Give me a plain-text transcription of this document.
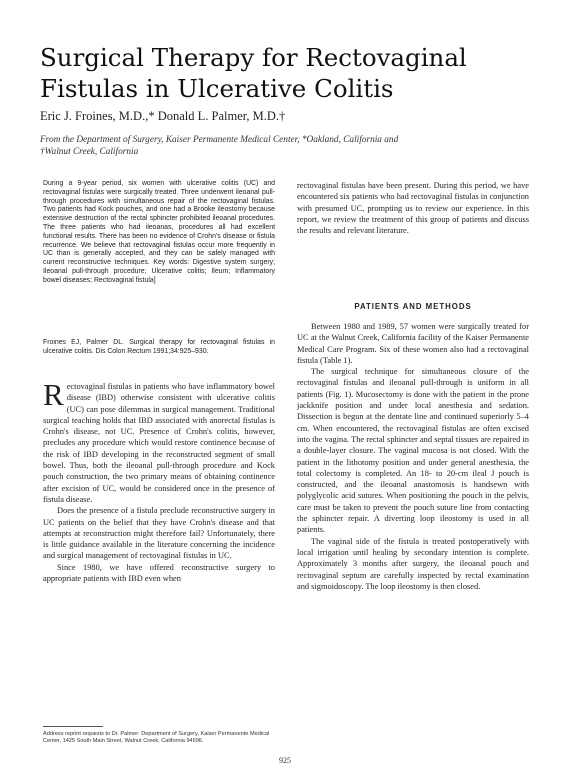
Surgical Therapy for Rectovaginal Fistulas in Ulcerative Colitis

Eric J. Froines, M.D.,* Donald L. Palmer, M.D.†

From the Department of Surgery, Kaiser Permanente Medical Center, *Oakland, California and
†Walnut Creek, California

During a 9-year period, six women with ulcerative colitis (UC) and rectovaginal fistulas were surgically treated. Three underwent ileoanal pull-through procedures with simultaneous repair of the rectovaginal fistulas. Two patients had Kock pouches, and one had a Brooke ileostomy because extensive destruction of the rectal sphincter prohibited ileoanal procedures. The three patients who had ileoanas, procedures all had excellent functional results. There has been no evidence of Crohn's disease or fistula recurrence. We believe that rectovaginal fistulas occur more frequently in UC than is generally accepted, and they can be safely managed with current reconstructive techniques. Key words: Digestive system surgery; Ileoanal pull-through procedure; Ulcerative colitis; Ileum; Inflammatory bowel diseases; Rectovaginal fistula]

Froines EJ, Palmer DL. Surgical therapy for rectovaginal fistulas in ulcerative colitis. Dis Colon Rectum 1991;34:925–930.

Rectovaginal fistulas in patients who have inflammatory bowel disease (IBD) otherwise consistent with ulcerative colitis (UC) can pose dilemmas in surgical management. Traditional surgical teaching holds that IBD associated with anorectal fistulas is Crohn's disease, not UC. Presence of Crohn's colitis, however, precludes any procedure which would restore continence because of the risk of IBD developing in the reconstructed segment of small bowel. Thus, both the ileoanal pull-through procedure and Kock pouch construction, the two primary means of obtaining continence after excision of UC, would be considered once in the presence of fistula disease.

Does the presence of a fistula preclude reconstructive surgery in UC patients on the belief that they have Crohn's disease and that attempts at reconstruction might therefore fail? Unfortunately, there is little guidance available in the literature concerning the incidence and surgical management of rectovaginal fistulas in UC.

Since 1980, we have offered reconstructive surgery to appropriate patients with IBD even when

rectovaginal fistulas have been present. During this period, we have encountered six patients who had rectovaginal fistulas in conjunction with presumed UC, prompting us to review our experience. In this report, we review the treatment of this group of patients and discuss the results and relevant literature.

PATIENTS AND METHODS

Between 1980 and 1989, 57 women were surgically treated for UC at the Walnut Creek, California facility of the Kaiser Permanente Medical Care Program. Six of these women also had a rectovaginal fistula (Table 1).

The surgical technique for simultaneous closure of the rectovaginal fistulas and ileoanal pull-through is uniform in all patients (Fig. 1). Mucosectomy is done with the patient in the prone jackknife position and under local anesthesia and sedation. Dissection is begun at the dentate line and continued superiorly 5–4 cm. When encountered, the rectovaginal fistulas are often excised into the vagina. The rectal sphincter and septal tissues are repaired in a double-layer closure. The vaginal mucosa is not closed. With the patient in the lithotomy position and under general anesthesia, the total colectomy is completed. An 18- to 20-cm ileal J pouch is constructed, and the ileoanal anastomosis is handsewn with polyglycolic acid sutures. When positioning the pouch in the pelvis, care must be taken to prevent the pouch suture line from contacting the sphincter repair. A diverting loop ileostomy is used in all patients.

The vaginal side of the fistula is treated postoperatively with local irrigation until healing by secondary intention is complete. Approximately 3 months after surgery, the ileoanal pouch and rectovaginal septum are carefully inspected by rectal examination and sigmoidoscopy. The loop ileostomy is then closed.

Address reprint requests to Dr. Palmer: Department of Surgery, Kaiser Permanente Medical Center, 1425 South Main Street, Walnut Creek, California 94596.

925
